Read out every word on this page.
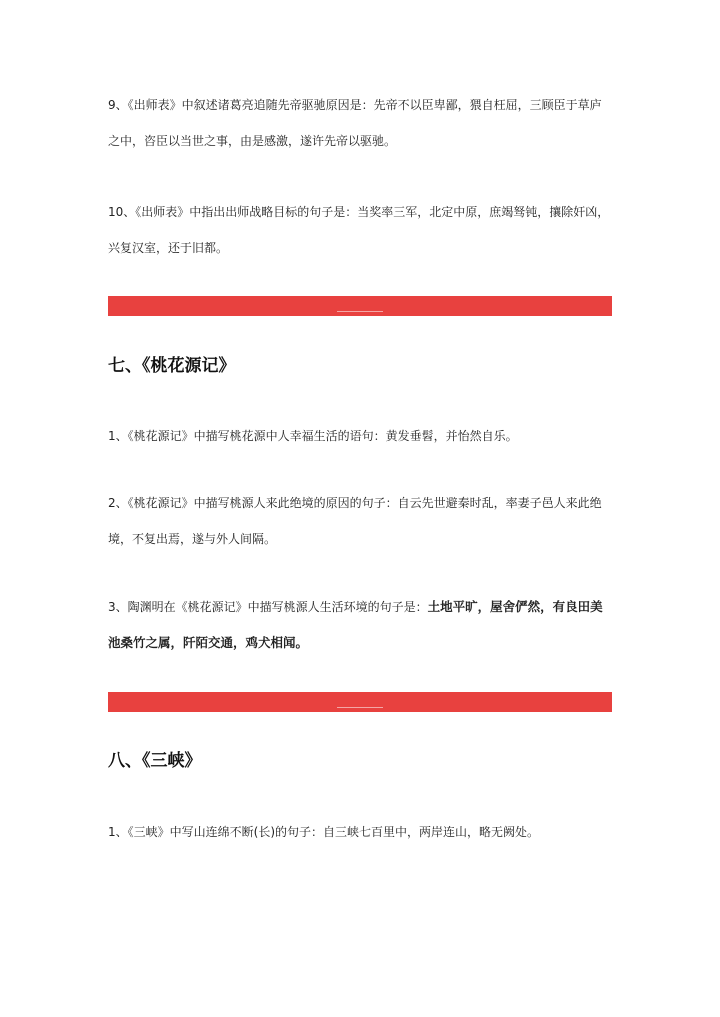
9、《出师表》中叙述诸葛亮追随先帝驱驰原因是：先帝不以臣卑鄙，猥自枉屈，三顾臣于草庐之中，咨臣以当世之事，由是感激，遂许先帝以驱驰。

10、《出师表》中指出出师战略目标的句子是：当奖率三军，北定中原，庶竭驽钝，攘除奸凶，兴复汉室，还于旧都。

七、《桃花源记》

1、《桃花源记》中描写桃花源中人幸福生活的语句：黄发垂髫，并怡然自乐。

2、《桃花源记》中描写桃源人来此绝境的原因的句子：自云先世避秦时乱，率妻子邑人来此绝境，不复出焉，遂与外人间隔。

3、陶渊明在《桃花源记》中描写桃源人生活环境的句子是：土地平旷，屋舍俨然，有良田美池桑竹之属，阡陌交通，鸡犬相闻。

八、《三峡》

1、《三峡》中写山连绵不断(长)的句子：自三峡七百里中，两岸连山，略无阙处。
